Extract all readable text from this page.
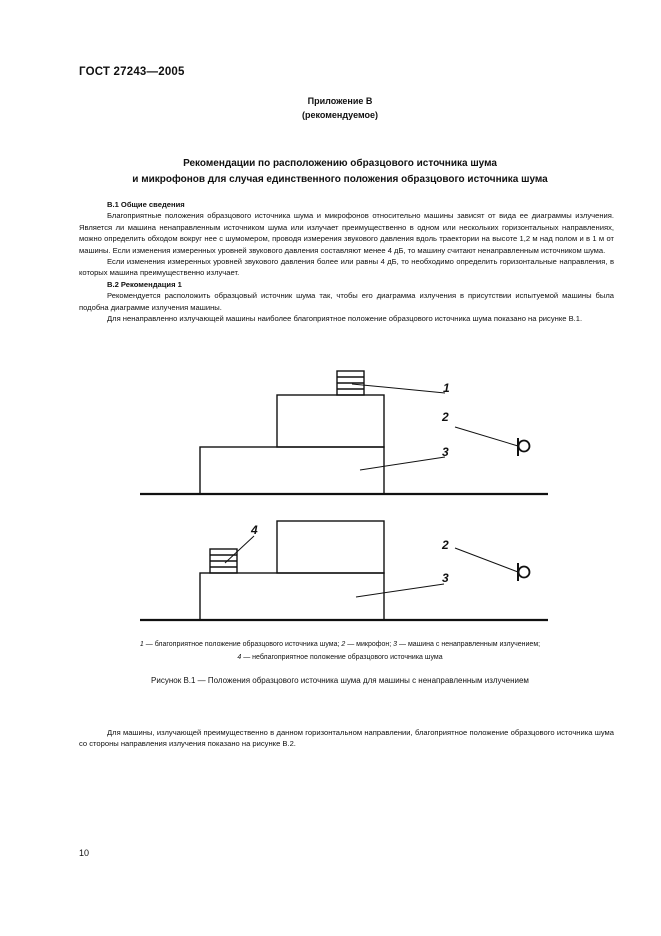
ГОСТ 27243—2005
Приложение В
(рекомендуемое)
Рекомендации по расположению образцового источника шума
и микрофонов для случая единственного положения образцового источника шума

В.1 Общие сведения

Благоприятные положения образцового источника шума и микрофонов относительно машины зависят от вида ее диаграммы излучения. Является ли машина ненаправленным источником шума или излучает преимущественно в одном или нескольких горизонтальных направлениях, можно определить обходом вокруг нее с шумомером, проводя измерения звукового давления вдоль траектории на высоте 1,2 м над полом и в 1 м от машины. Если изменения измеренных уровней звукового давления составляют менее 4 дБ, то машину считают ненаправленным источником шума.

Если изменения измеренных уровней звукового давления более или равны 4 дБ, то необходимо определить горизонтальные направления, в которых машина преимущественно излучает.

В.2 Рекомендация 1

Рекомендуется расположить образцовый источник шума так, чтобы его диаграмма излучения в присутствии испытуемой машины была подобна диаграмме излучения машины.

Для ненаправленно излучающей машины наиболее благоприятное положение образцового источника шума показано на рисунке В.1.

1
2
3
4
2
3
1 — благоприятное положение образцового источника шума; 2 — микрофон; 3 — машина с ненаправленным излучением;
4 — неблагоприятное положение образцового источника шума
Рисунок В.1 — Положения образцового источника шума для машины с ненаправленным излучением

Для машины, излучающей преимущественно в данном горизонтальном направлении, благоприятное положение образцового источника шума со стороны направления излучения показано на рисунке В.2.

10
